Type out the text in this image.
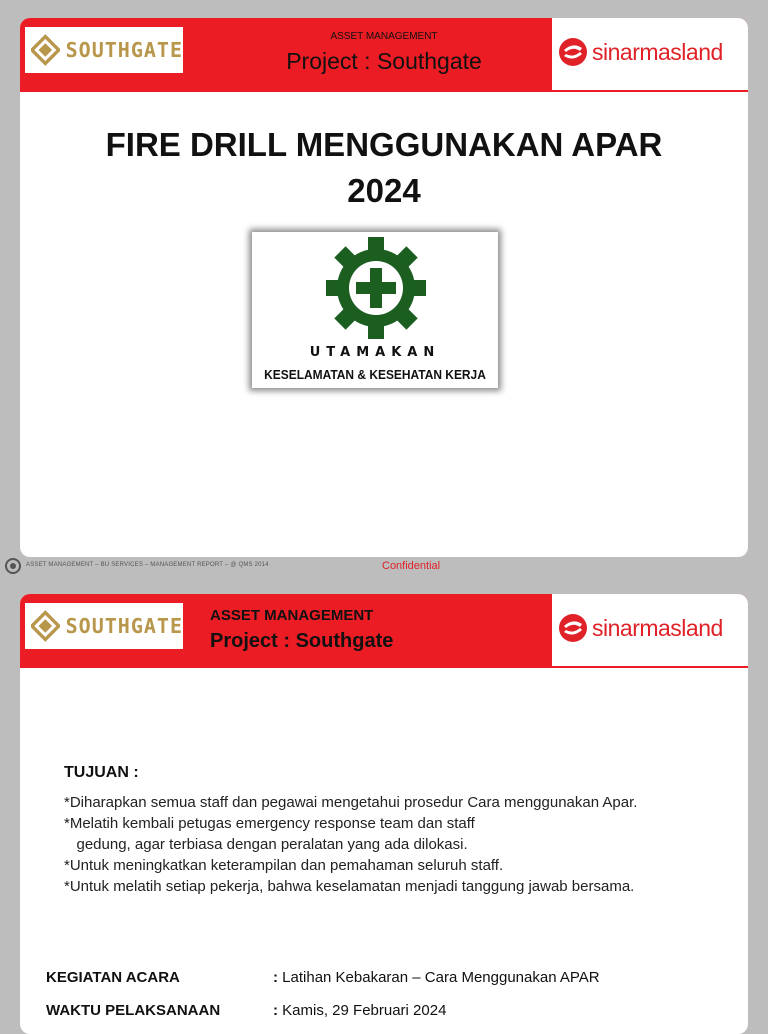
SOUTHGATE
ASSET MANAGEMENT
Project : Southgate	sinarmasland
FIRE DRILL MENGGUNAKAN APAR
2024
UTAMAKAN
KESELAMATAN & KESEHATAN KERJA
ASSET MANAGEMENT – BU SERVICES – MANAGEMENT REPORT – @ QMS 2014	Confidential
SOUTHGATE ASSET MANAGEMENT
Project : Southgate
sinarmasland
TUJUAN :
*Diharapkan semua staff dan pegawai mengetahui prosedur Cara menggunakan Apar.
*Melatih kembali petugas emergency response team dan staff
gedung, agar terbiasa dengan peralatan yang ada dilokasi.
*Untuk meningkatkan keterampilan dan pemahaman seluruh staff.
*Untuk melatih setiap pekerja, bahwa keselamatan menjadi tanggung jawab bersama.
KEGIATAN ACARA	: Latihan Kebakaran – Cara Menggunakan APAR
WAKTU PELAKSANAAN	: Kamis, 29 Februari 2024
